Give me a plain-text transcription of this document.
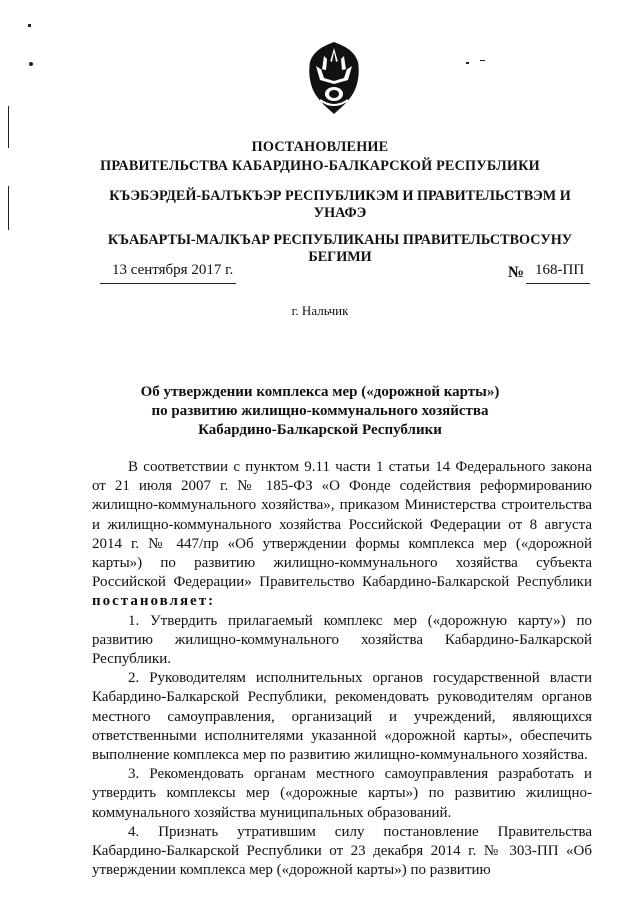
ПОСТАНОВЛЕНИЕ
ПРАВИТЕЛЬСТВА КАБАРДИНО-БАЛКАРСКОЙ РЕСПУБЛИКИ
КЪЭБЭРДЕЙ-БАЛЪКЪЭР РЕСПУБЛИКЭМ И ПРАВИТЕЛЬСТВЭМ И УНАФЭ
КЪАБАРТЫ-МАЛКЪАР РЕСПУБЛИКАНЫ ПРАВИТЕЛЬСТВОСУНУ БЕГИМИ
13 сентября 2017 г.	№ 168-ПП
г. Нальчик
Об утверждении комплекса мер («дорожной карты»)
по развитию жилищно-коммунального хозяйства
Кабардино-Балкарской Республики

В соответствии с пунктом 9.11 части 1 статьи 14 Федерального закона от 21 июля 2007 г. № 185-ФЗ «О Фонде содействия реформированию жилищно-коммунального хозяйства», приказом Министерства строительства и жилищно-коммунального хозяйства Российской Федерации от 8 августа 2014 г. № 447/пр «Об утверждении формы комплекса мер («дорожной карты») по развитию жилищно-коммунального хозяйства субъекта Российской Федерации» Правительство Кабардино-Балкарской Республики постановляет:

1. Утвердить прилагаемый комплекс мер («дорожную карту») по развитию жилищно-коммунального хозяйства Кабардино-Балкарской Республики.

2. Руководителям исполнительных органов государственной власти Кабардино-Балкарской Республики, рекомендовать руководителям органов местного самоуправления, организаций и учреждений, являющихся ответственными исполнителями указанной «дорожной карты», обеспечить выполнение комплекса мер по развитию жилищно-коммунального хозяйства.

3. Рекомендовать органам местного самоуправления разработать и утвердить комплексы мер («дорожные карты») по развитию жилищно-коммунального хозяйства муниципальных образований.

4. Признать утратившим силу постановление Правительства Кабардино-Балкарской Республики от 23 декабря 2014 г. № 303-ПП «Об утверждении комплекса мер («дорожной карты») по развитию
